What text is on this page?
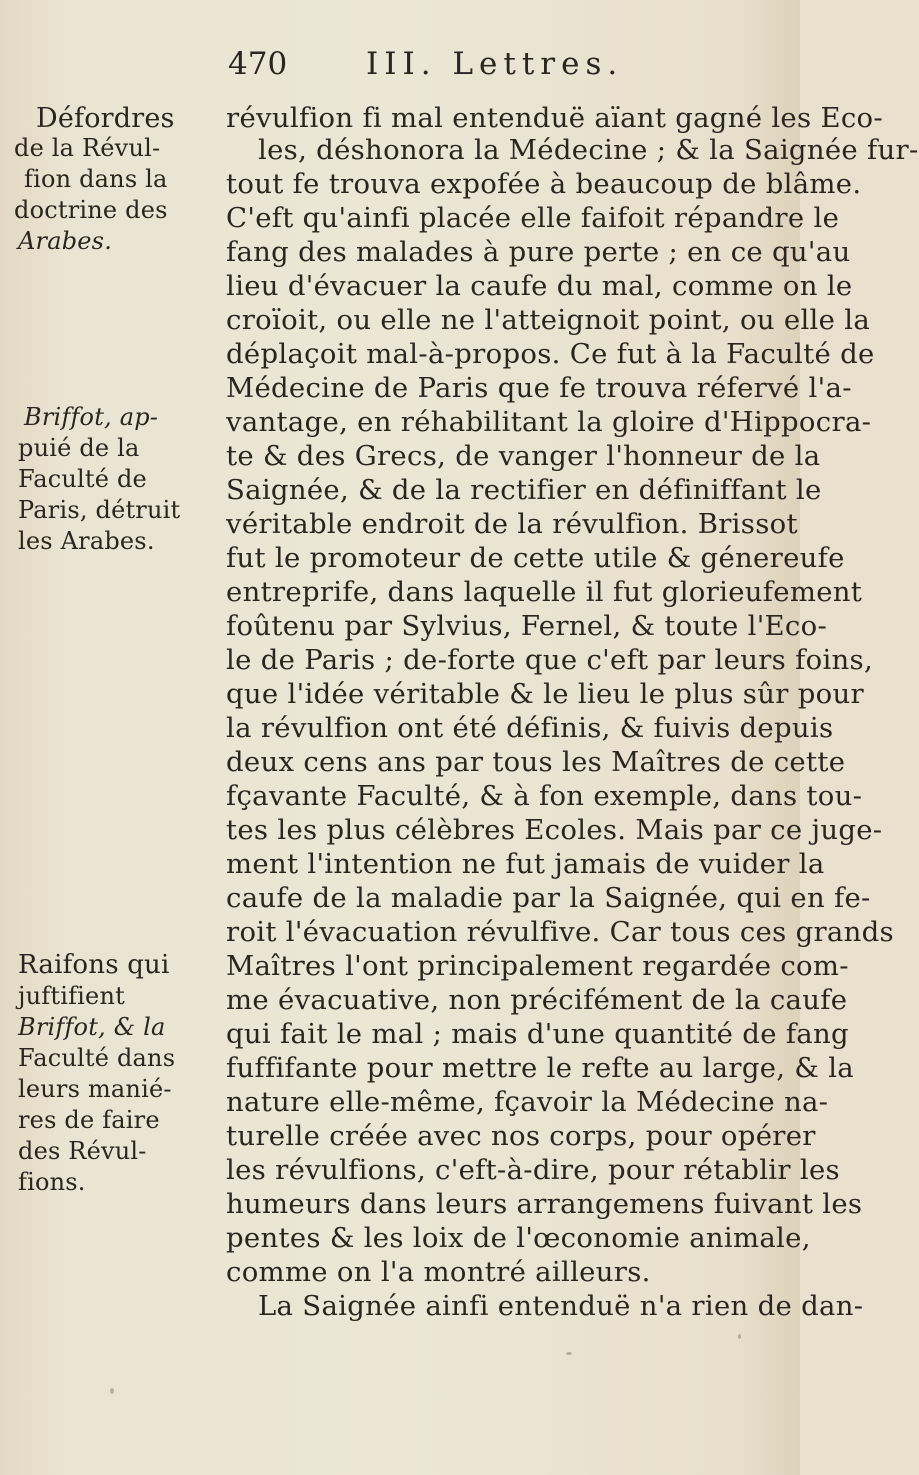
470	III. Lettres.
Défordres
de la Révul-
fion dans la
doctrine des
Arabes.
Briffot, ap-
puié de la
Faculté de
Paris, détruit
les Arabes.
Raifons qui
juftifient
Briffot, & la
Faculté dans
leurs manié-
res de faire
des Révul-
fions.
révulfion fi mal entenduë aïant gagné les Eco-
les, déshonora la Médecine ; & la Saignée fur-
tout fe trouva expofée à beaucoup de blâme.
C'eft qu'ainfi placée elle faifoit répandre le
fang des malades à pure perte ; en ce qu'au
lieu d'évacuer la caufe du mal, comme on le
croïoit, ou elle ne l'atteignoit point, ou elle la
déplaçoit mal-à-propos. Ce fut à la Faculté de
Médecine de Paris que fe trouva réfervé l'a-
vantage, en réhabilitant la gloire d'Hippocra-
te & des Grecs, de vanger l'honneur de la
Saignée, & de la rectifier en définiffant le
véritable endroit de la révulfion. Brissot
fut le promoteur de cette utile & génereufe
entreprife, dans laquelle il fut glorieufement
foûtenu par Sylvius, Fernel, & toute l'Eco-
le de Paris ; de-forte que c'eft par leurs foins,
que l'idée véritable & le lieu le plus sûr pour
la révulfion ont été définis, & fuivis depuis
deux cens ans par tous les Maîtres de cette
fçavante Faculté, & à fon exemple, dans tou-
tes les plus célèbres Ecoles. Mais par ce juge-
ment l'intention ne fut jamais de vuider la
caufe de la maladie par la Saignée, qui en fe-
roit l'évacuation révulfive. Car tous ces grands
Maîtres l'ont principalement regardée com-
me évacuative, non précifément de la caufe
qui fait le mal ; mais d'une quantité de fang
fuffifante pour mettre le refte au large, & la
nature elle-même, fçavoir la Médecine na-
turelle créée avec nos corps, pour opérer
les révulfions, c'eft-à-dire, pour rétablir les
humeurs dans leurs arrangemens fuivant les
pentes & les loix de l'œconomie animale,
comme on l'a montré ailleurs.
La Saignée ainfi entenduë n'a rien de dan-
